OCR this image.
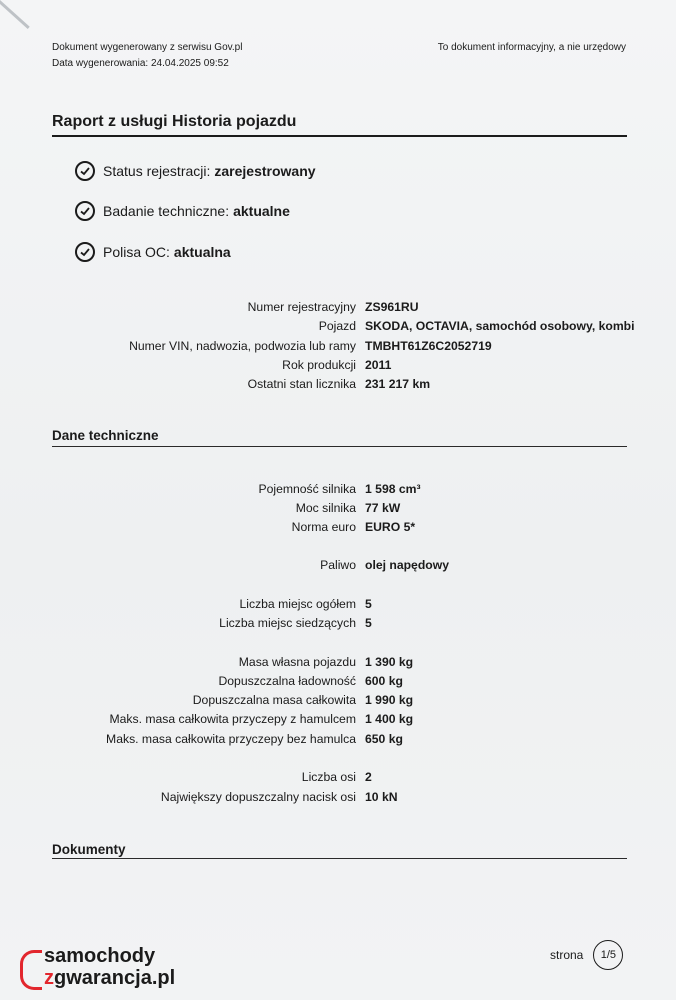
Dokument wygenerowany z serwisu Gov.pl
Data wygenerowania: 24.04.2025 09:52
To dokument informacyjny, a nie urzędowy
Raport z usługi Historia pojazdu
Status rejestracji: zarejestrowany
Badanie techniczne: aktualne
Polisa OC: aktualna
Numer rejestracyjny ZS961RU
Pojazd SKODA, OCTAVIA, samochód osobowy, kombi
Numer VIN, nadwozia, podwozia lub ramy TMBHT61Z6C2052719
Rok produkcji 2011
Ostatni stan licznika 231 217 km
Dane techniczne
Pojemność silnika 1 598 cm³
Moc silnika 77 kW
Norma euro EURO 5*
Paliwo olej napędowy
Liczba miejsc ogółem 5
Liczba miejsc siedzących 5
Masa własna pojazdu 1 390 kg
Dopuszczalna ładowność 600 kg
Dopuszczalna masa całkowita 1 990 kg
Maks. masa całkowita przyczepy z hamulcem 1 400 kg
Maks. masa całkowita przyczepy bez hamulca 650 kg
Liczba osi 2
Największy dopuszczalny nacisk osi 10 kN
Dokumenty
samochody
zgwarancja.pl
strona	1/5
